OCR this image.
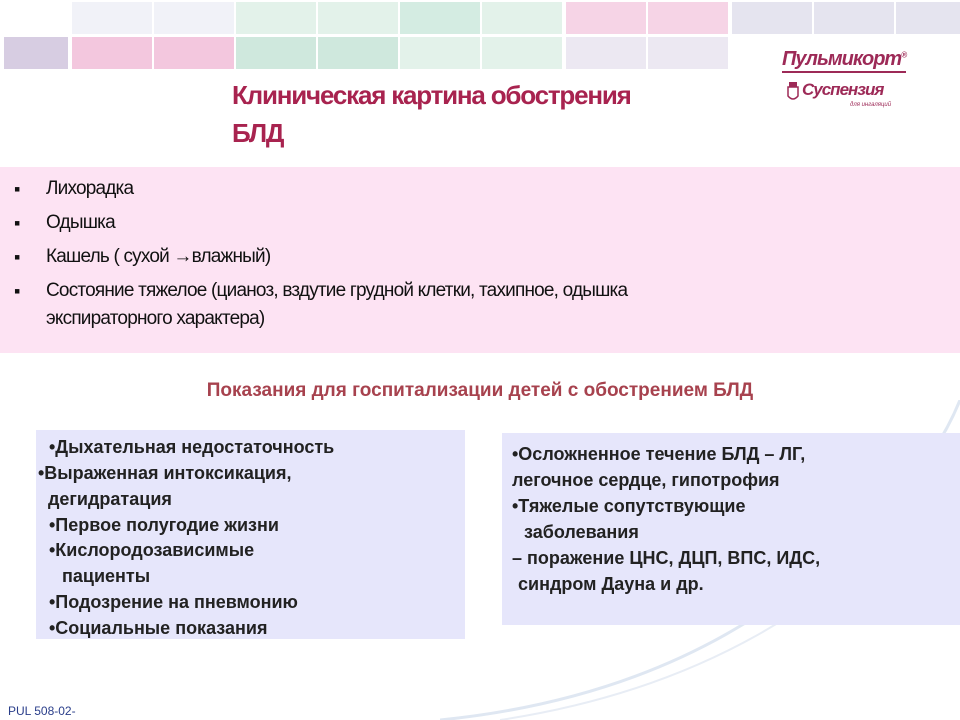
Клиническая картина обострения
БЛД
Пульмикорт®
Суспензия
для ингаляций
▪ Лихорадка
▪ Одышка
▪ Кашель ( сухой →влажный)
▪ Состояние тяжелое (цианоз, вздутие грудной клетки, тахипное, одышка
экспираторного характера)
Показания для госпитализации детей с обострением БЛД
•Дыхательная недостаточность
•Выраженная интоксикация,
дегидратация
•Первое полугодие жизни
•Кислородозависимые
пациенты
•Подозрение на пневмонию
•Социальные показания
•Осложненное течение БЛД – ЛГ,
легочное сердце, гипотрофия
•Тяжелые сопутствующие
заболевания
– поражение ЦНС, ДЦП, ВПС, ИДС,
синдром Дауна и др.
PUL 508-02-
